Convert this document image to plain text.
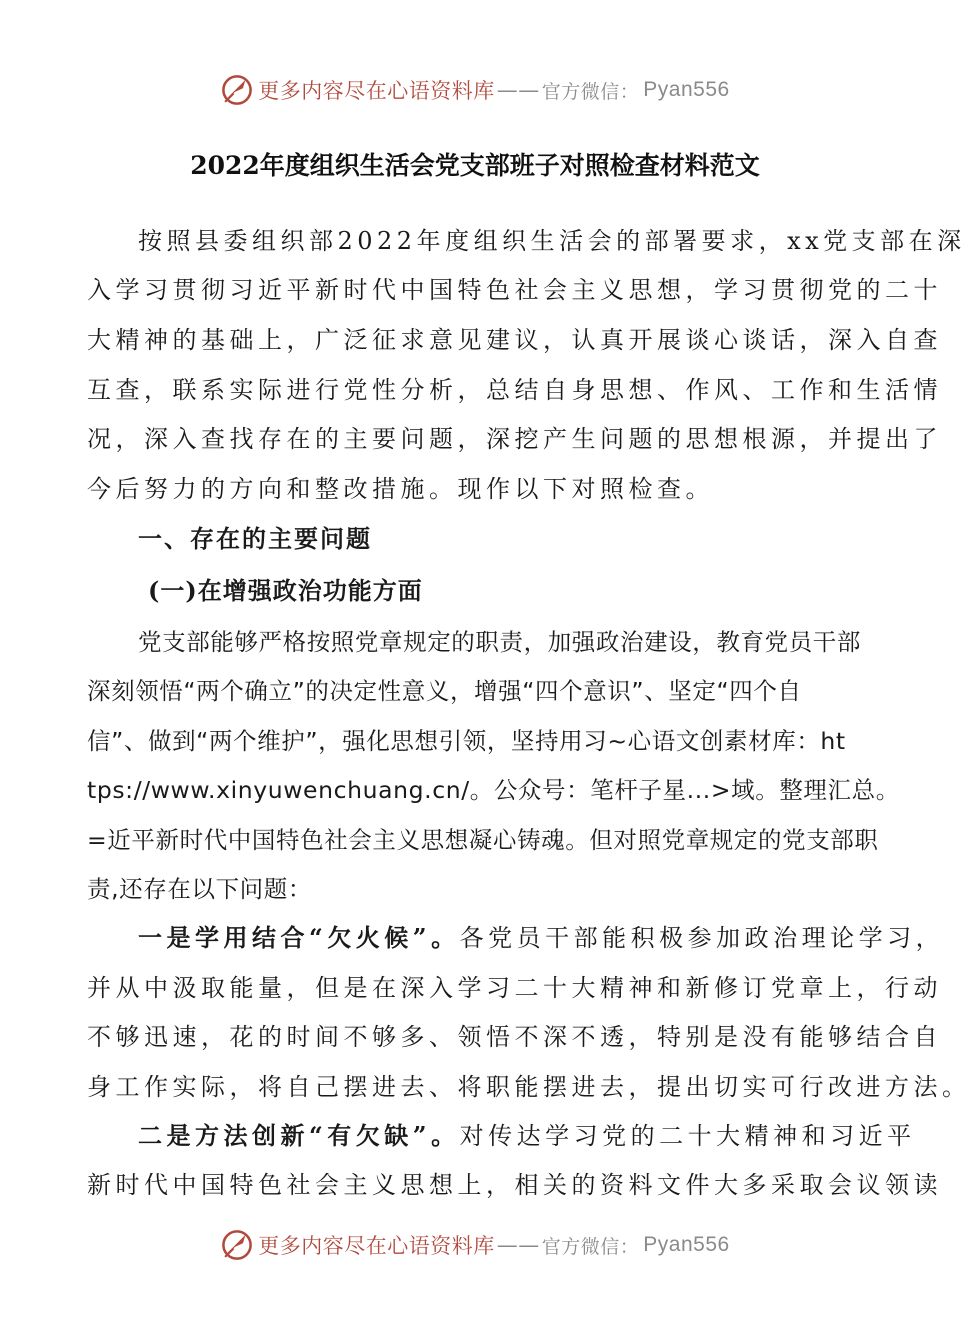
更多内容尽在心语资料库 —— 官方微信： Pyan556
2022年度组织生活会党支部班子对照检查材料范文
按照县委组织部2022年度组织生活会的部署要求，xx党支部在深
入学习贯彻习近平新时代中国特色社会主义思想，学习贯彻党的二十
大精神的基础上，广泛征求意见建议，认真开展谈心谈话，深入自查
互查，联系实际进行党性分析，总结自身思想、作风、工作和生活情
况，深入查找存在的主要问题，深挖产生问题的思想根源，并提出了
今后努力的方向和整改措施。现作以下对照检查。
一、存在的主要问题
(一)在增强政治功能方面
党支部能够严格按照党章规定的职责，加强政治建设，教育党员干部
深刻领悟“两个确立”的决定性意义，增强“四个意识”、坚定“四个自
信”、做到“两个维护”，强化思想引领，坚持用习~心语文创素材库：ht
tps://www.xinyuwenchuang.cn/。公众号：笔杆子星...>域。整理汇总。
=近平新时代中国特色社会主义思想凝心铸魂。但对照党章规定的党支部职
责,还存在以下问题：
一是学用结合“欠火候”。各党员干部能积极参加政治理论学习，
并从中汲取能量，但是在深入学习二十大精神和新修订党章上，行动
不够迅速，花的时间不够多、领悟不深不透，特别是没有能够结合自
身工作实际，将自己摆进去、将职能摆进去，提出切实可行改进方法。
二是方法创新“有欠缺”。对传达学习党的二十大精神和习近平
新时代中国特色社会主义思想上，相关的资料文件大多采取会议领读
更多内容尽在心语资料库 —— 官方微信： Pyan556
